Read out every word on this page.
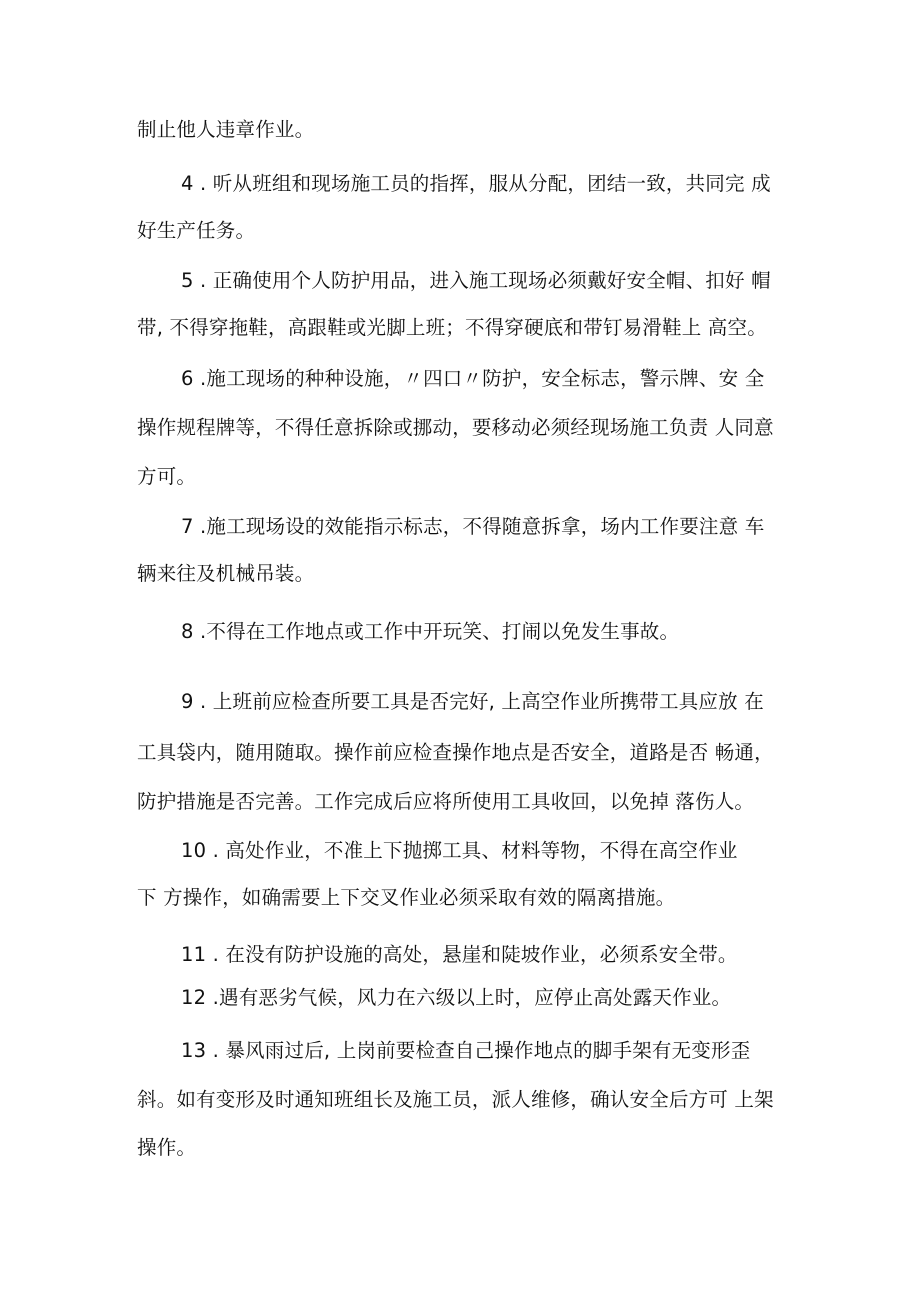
制止他人违章作业。
4 . 听从班组和现场施工员的指挥，服从分配，团结一致，共同完 成
好生产任务。
5 . 正确使用个人防护用品，进入施工现场必须戴好安全帽、扣好 帽
带, 不得穿拖鞋，高跟鞋或光脚上班；不得穿硬底和带钉易滑鞋上 高空。
6 .施工现场的种种设施，〃四口〃防护，安全标志，警示牌、安 全
操作规程牌等，不得任意拆除或挪动，要移动必须经现场施工负责 人同意
方可。
7 .施工现场设的效能指示标志，不得随意拆拿，场内工作要注意 车
辆来往及机械吊装。
8 .不得在工作地点或工作中开玩笑、打闹以免发生事故。
9 . 上班前应检查所要工具是否完好, 上高空作业所携带工具应放 在
工具袋内，随用随取。操作前应检查操作地点是否安全，道路是否 畅通，
防护措施是否完善。工作完成后应将所使用工具收回，以免掉 落伤人。
10 . 高处作业，不准上下抛掷工具、材料等物，不得在高空作业
下 方操作，如确需要上下交叉作业必须采取有效的隔离措施。
11 . 在没有防护设施的高处，悬崖和陡坡作业，必须系安全带。
12 .遇有恶劣气候，风力在六级以上时，应停止高处露天作业。
13 . 暴风雨过后, 上岗前要检查自己操作地点的脚手架有无变形歪
斜。如有变形及时通知班组长及施工员，派人维修，确认安全后方可 上架
操作。
